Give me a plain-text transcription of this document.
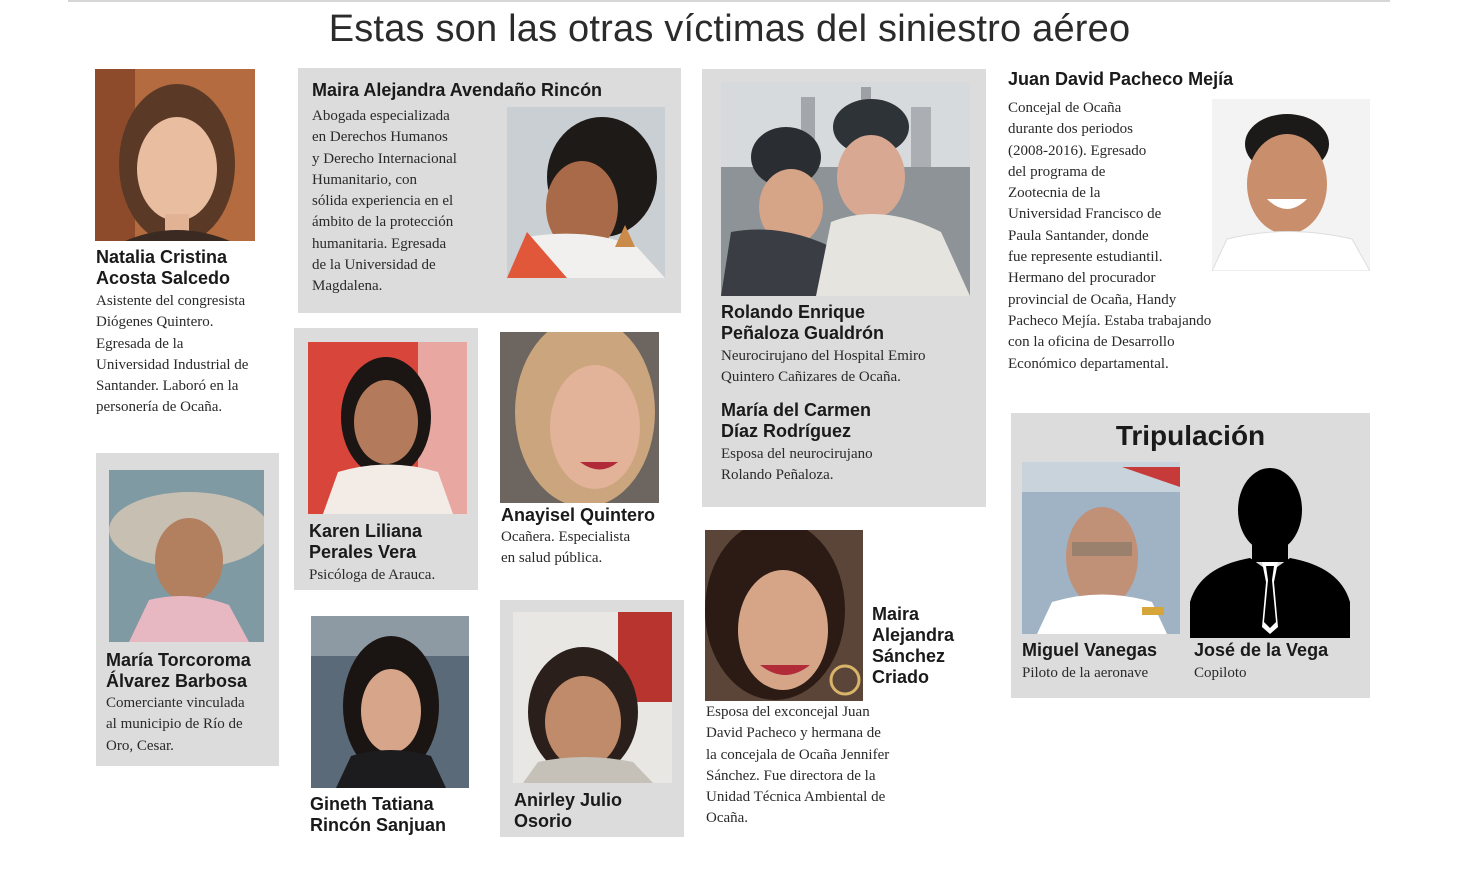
Estas son las otras víctimas del siniestro aéreo
Natalia Cristina
Acosta Salcedo
Asistente del congresista
Diógenes Quintero.
Egresada de la
Universidad Industrial de
Santander. Laboró en la
personería de Ocaña.
Maira Alejandra Avendaño Rincón
Abogada especializada
en Derechos Humanos
y Derecho Internacional
Humanitario, con
sólida experiencia en el
ámbito de la protección
humanitaria. Egresada
de la Universidad de
Magdalena.
Rolando Enrique
Peñaloza Gualdrón
Neurocirujano del Hospital Emiro
Quintero Cañizares de Ocaña.
María del Carmen
Díaz Rodríguez
Esposa del neurocirujano
Rolando Peñaloza.
Juan David Pacheco Mejía
Concejal de Ocaña
durante dos periodos
(2008-2016). Egresado
del programa de
Zootecnia de la
Universidad Francisco de
Paula Santander, donde
fue represente estudiantil.
Hermano del procurador
provincial de Ocaña, Handy
Pacheco Mejía. Estaba trabajando
con la oficina de Desarrollo
Económico departamental.
Karen Liliana
Perales Vera
Psicóloga de Arauca.
Anayisel Quintero
Ocañera. Especialista
en salud pública.
María Torcoroma
Álvarez Barbosa
Comerciante vinculada
al municipio de Río de
Oro, Cesar.
Gineth Tatiana
Rincón Sanjuan
Anirley Julio
Osorio
Maira
Alejandra
Sánchez
Criado
Esposa del exconcejal Juan
David Pacheco y hermana de
la concejala de Ocaña Jennifer
Sánchez. Fue directora de la
Unidad Técnica Ambiental de
Ocaña.
Tripulación
Miguel Vanegas
Piloto de la aeronave
José de la Vega
Copiloto
